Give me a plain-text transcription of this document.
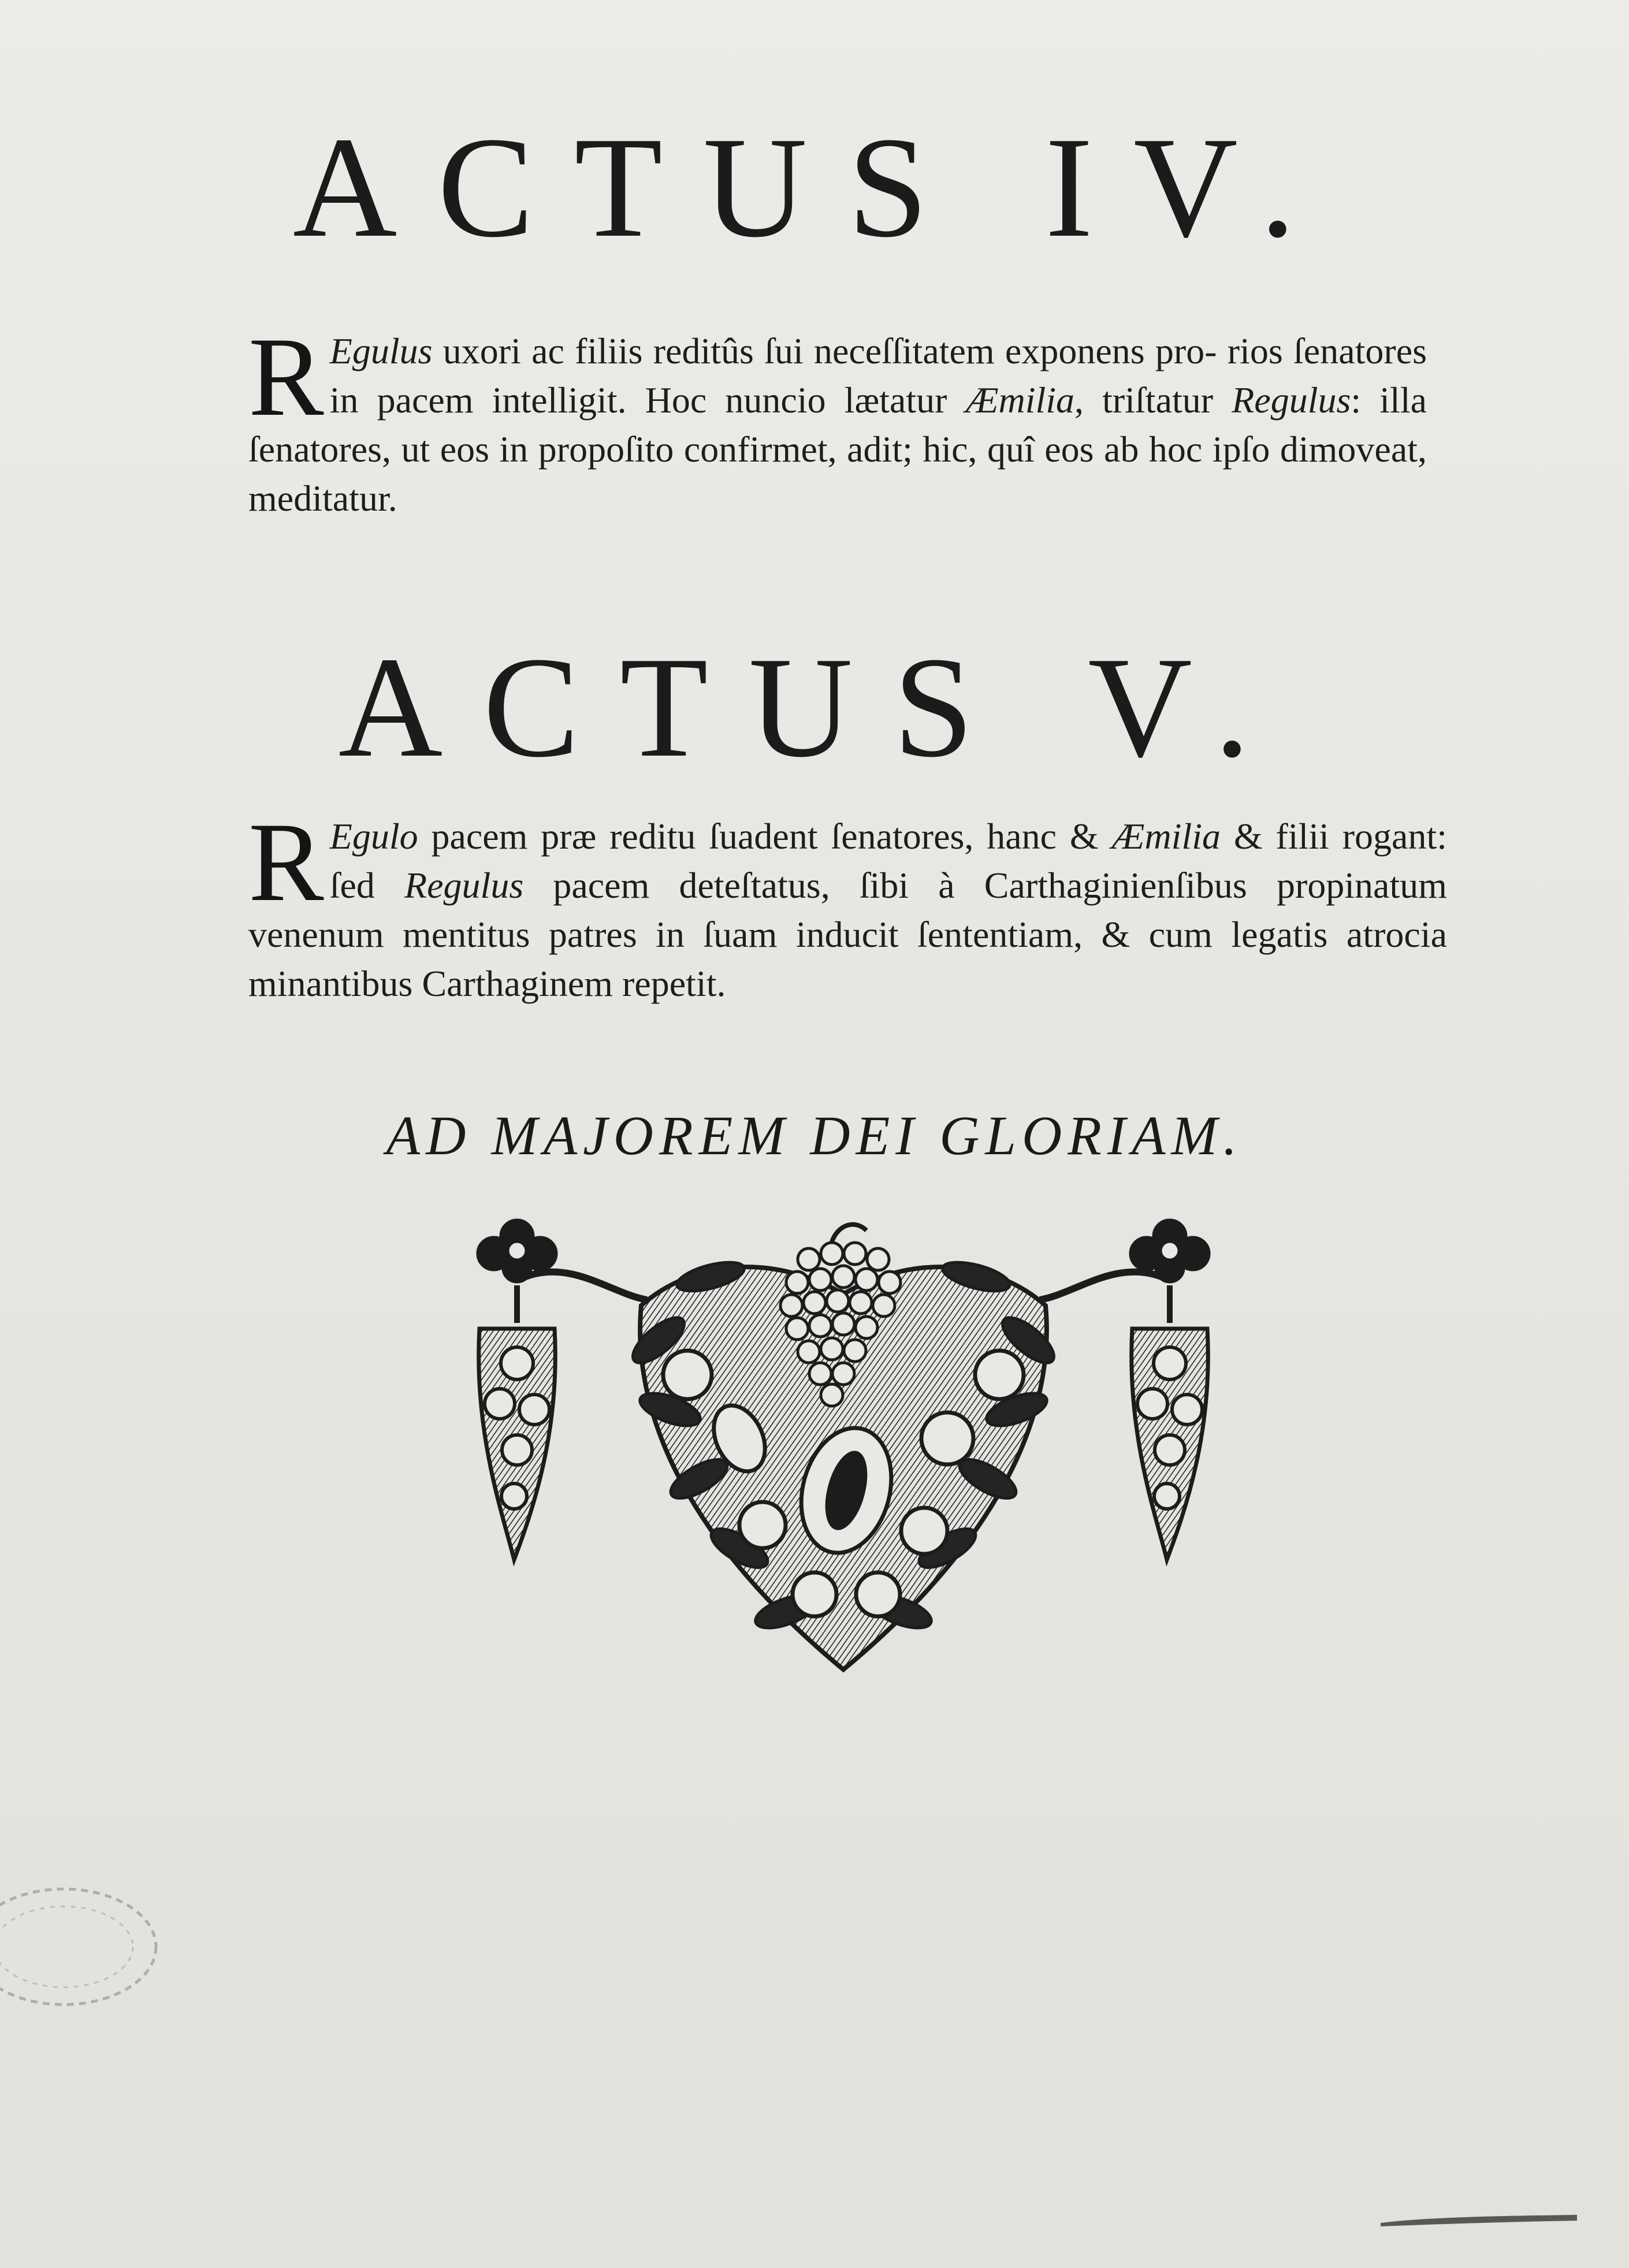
ACTUS IV.

R Egulus uxori ac filiis reditûs ſui neceſſitatem exponens pro- rios ſenatores in pacem intelligit. Hoc nuncio lætatur Æmilia, triſtatur Regulus: illa ſenatores, ut eos in propoſito confirmet, adit; hic, quî eos ab hoc ipſo dimoveat, meditatur.

ACTUS V.

R Egulo pacem præ reditu ſuadent ſenatores, hanc & Æmilia & filii rogant: ſed Regulus pacem deteſtatus, ſibi à Carthaginienſibus propinatum venenum mentitus patres in ſuam inducit ſententiam, & cum legatis atrocia minantibus Carthaginem repetit.

AD MAJOREM DEI GLORIAM.
